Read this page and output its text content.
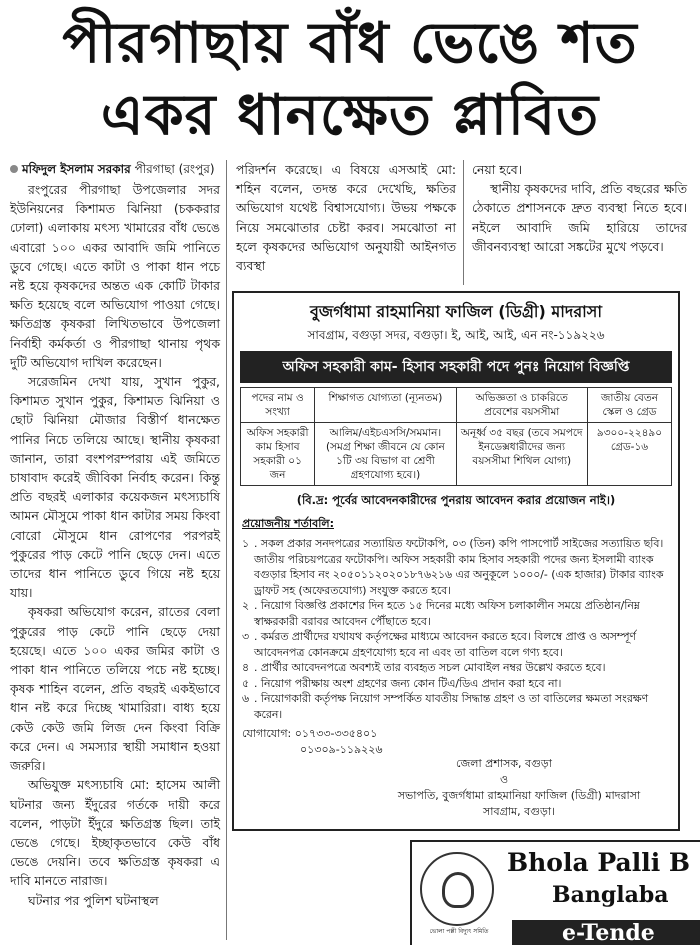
পীরগাছায় বাঁধ ভেঙে শত
একর ধানক্ষেত প্লাবিত
মফিদুল ইসলাম সরকার পীরগাছা (রংপুর)

রংপুরের পীরগাছা উপজেলার সদর ইউনিয়নের কিশামত ঝিনিয়া (চককরার ঢোলা) এলাকায় মৎস্য খামারের বাঁধ ভেঙে এবারো ১০০ একর আবাদি জমি পানিতে ডুবে গেছে। এতে কাটা ও পাকা ধান পচে নষ্ট হয়ে কৃষকদের অন্তত এক কোটি টাকার ক্ষতি হয়েছে বলে অভিযোগ পাওয়া গেছে। ক্ষতিগ্রস্ত কৃষকরা লিখিতভাবে উপজেলা নির্বাহী কর্মকর্তা ও পীরগাছা থানায় পৃথক দুটি অভিযোগ দাখিল করেছেন।

সরেজমিন দেখা যায়, সুখান পুকুর, কিশামত সুখান পুকুর, কিশামত ঝিনিয়া ও ছোট ঝিনিয়া মৌজার বিস্তীর্ণ ধানক্ষেত পানির নিচে তলিয়ে আছে। স্থানীয় কৃষকরা জানান, তারা বংশপরম্পরায় এই জমিতে চাষাবাদ করেই জীবিকা নির্বাহ করেন। কিন্তু প্রতি বছরই এলাকার কয়েকজন মৎস্যচাষি আমন মৌসুমে পাকা ধান কাটার সময় কিংবা বোরো মৌসুমে ধান রোপণের পরপরই পুকুরের পাড় কেটে পানি ছেড়ে দেন। এতে তাদের ধান পানিতে ডুবে গিয়ে নষ্ট হয়ে যায়।

কৃষকরা অভিযোগ করেন, রাতের বেলা পুকুরের পাড় কেটে পানি ছেড়ে দেয়া হয়েছে। এতে ১০০ একর জমির কাটা ও পাকা ধান পানিতে তলিয়ে পচে নষ্ট হচ্ছে। কৃষক শাহিন বলেন, প্রতি বছরই একইভাবে ধান নষ্ট করে দিচ্ছে খামারিরা। বাধ্য হয়ে কেউ কেউ জমি লিজ দেন কিংবা বিক্রি করে দেন। এ সমস্যার স্থায়ী সমাধান হওয়া জরুরি।

অভিযুক্ত মৎস্যচাষি মো: হাসেম আলী ঘটনার জন্য ইঁদুরের গর্তকে দায়ী করে বলেন, পাড়টা ইঁদুরে ক্ষতিগ্রস্ত ছিল। তাই ভেঙে গেছে। ইচ্ছাকৃতভাবে কেউ বাঁধ ভেঙে দেয়নি। তবে ক্ষতিগ্রস্ত কৃষকরা এ দাবি মানতে নারাজ।

ঘটনার পর পুলিশ ঘটনাস্থল

পরিদর্শন করেছে। এ বিষয়ে এসআই মো: শহিন বলেন, তদন্ত করে দেখেছি, ক্ষতির অভিযোগ যথেষ্ট বিশ্বাসযোগ্য। উভয় পক্ষকে নিয়ে সমঝোতার চেষ্টা করব। সমঝোতা না হলে কৃষকদের অভিযোগ অনুযায়ী আইনগত ব্যবস্থা

নেয়া হবে।

স্থানীয় কৃষকদের দাবি, প্রতি বছরের ক্ষতি ঠেকাতে প্রশাসনকে দ্রুত ব্যবস্থা নিতে হবে। নইলে আবাদি জমি হারিয়ে তাদের জীবনব্যবস্থা আরো সঙ্কটের মুখে পড়বে।

বুজর্গধামা রাহমানিয়া ফাজিল (ডিগ্রী) মাদরাসা
সাবগ্রাম, বগুড়া সদর, বগুড়া। ই, আই, আই, এন নং-১১৯২২৬
অফিস সহকারী কাম- হিসাব সহকারী পদে পুনঃ নিয়োগ বিজ্ঞপ্তি
পদের নাম ও সংখ্যা	শিক্ষাগত যোগ্যতা (ন্যূনতম)	অভিজ্ঞতা ও চাকরিতে প্রবেশের বয়সসীমা	জাতীয় বেতন স্কেল ও গ্রেড
অফিস সহকারী কাম হিসাব সহকারী ০১ জন	আলিম/এইচএসসি/সমমান। (সমগ্র শিক্ষা জীবনে যে কোন ১টি ৩য় বিভাগ বা শ্রেণী গ্রহণযোগ্য হবে।)	অনূর্ধ্ব ৩৫ বছর (তবে সমপদে ইনডেক্সধারীদের জন্য বয়সসীমা শিথিল যোগ্য)	৯৩০০-২২৪৯০ গ্রেড-১৬
(বি.দ্র: পূর্বের আবেদনকারীদের পুনরায় আবেদন করার প্রয়োজন নাই।)
প্রয়োজনীয় শর্তাবলি:
১ . সকল প্রকার সনদপত্রের সত্যায়িত ফটোকপি, ০৩ (তিন) কপি পাসপোর্ট সাইজের সত্যায়িত ছবি। জাতীয় পরিচয়পত্রের ফটোকপি। অফিস সহকারী কাম হিসাব সহকারী পদের জন্য ইসলামী ব্যাংক বগুড়ার হিসাব নং ২০৫০১১২০২০১৮৭৬২১৬ এর অনুকূলে ১০০০/- (এক হাজার) টাকার ব্যাংক ড্রাফট সহ (অফেরতযোগ্য) সংযুক্ত করতে হবে।
২ . নিয়োগ বিজ্ঞপ্তি প্রকাশের দিন হতে ১৫ দিনের মধ্যে অফিস চলাকালীন সময়ে প্রতিষ্ঠান/নিম্ন স্বাক্ষরকারী বরাবর আবেদন পৌঁছাতে হবে।
৩ . কর্মরত প্রার্থীদের যথাযথ কর্তৃপক্ষের মাধ্যমে আবেদন করতে হবে। বিলম্বে প্রাপ্ত ও অসম্পূর্ণ আবেদনপত্র কোনক্রমে গ্রহণযোগ্য হবে না এবং তা বাতিল বলে গণ্য হবে।
৪ . প্রার্থীর আবেদনপত্রে অবশ্যই তার ব্যবহৃত সচল মোবাইল নম্বর উল্লেখ করতে হবে।
৫ . নিয়োগ পরীক্ষায় অংশ গ্রহণের জন্য কোন টিএ/ডিএ প্রদান করা হবে না।
৬ . নিয়োগকারী কর্তৃপক্ষ নিয়োগ সম্পর্কিত যাবতীয় সিদ্ধান্ত গ্রহণ ও তা বাতিলের ক্ষমতা সংরক্ষণ করেন।
যোগাযোগ: ০১৭৩৩-৩৩৫৪০১
০১৩০৯-১১৯২২৬
জেলা প্রশাসক, বগুড়া
ও
সভাপতি, বুজর্গধামা রাহমানিয়া ফাজিল (ডিগ্রী) মাদরাসা
সাবগ্রাম, বগুড়া।
ভোলা পল্লী বিদ্যুৎ সমিতি
Bhola Palli B
Banglaba
e-Tende
